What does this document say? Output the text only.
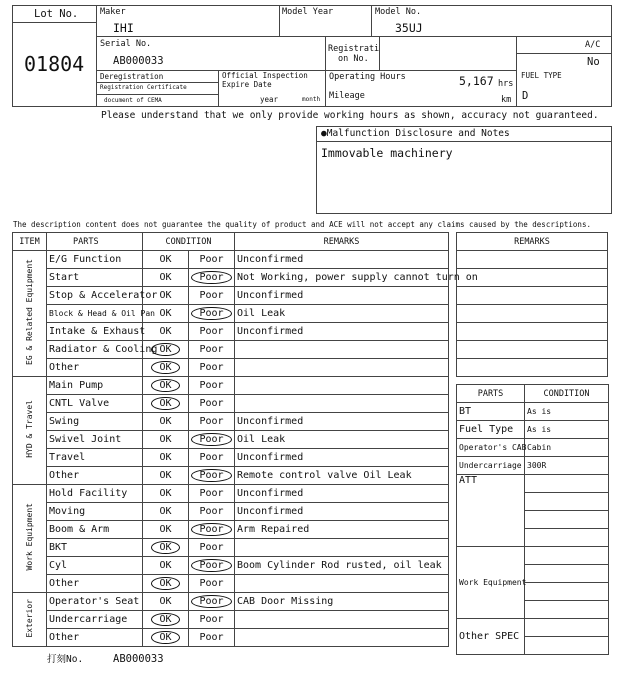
Lot No.
01804
Maker
IHI
Model Year	Model No.
35UJ
Serial No.
AB000033
Registrati
on No.
A/C
No
Deregistration
Registration Certificate
document of CEMA
Official Inspection
Expire Date
year	month
Operating Hours	5,167 hrs
Mileage	km
FUEL TYPE
D
Please understand that we only provide working hours as shown, accuracy not guaranteed.
●Malfunction Disclosure and Notes
Immovable machinery
The description content does not guarantee the quality of product and ACE will not accept any claims caused by the descriptions.
ITEM	PARTS	CONDITION		REMARKS
EG & Related Equipment	E/G Function	OK	Poor	Unconfirmed
	Start	OK	Poor	Not Working, power supply cannot turn on
	Stop & Accelerator	OK	Poor	Unconfirmed
	Block & Head & Oil Pan	OK	Poor	Oil Leak
	Intake & Exhaust	OK	Poor	Unconfirmed
	Radiator & Cooling	OK	Poor	
	Other	OK	Poor	
HYD & Travel	Main Pump	OK	Poor	
	CNTL Valve	OK	Poor	
	Swing	OK	Poor	Unconfirmed
	Swivel Joint	OK	Poor	Oil Leak
	Travel	OK	Poor	Unconfirmed
	Other	OK	Poor	Remote control valve Oil Leak
Work Equipment	Hold Facility	OK	Poor	Unconfirmed
	Moving	OK	Poor	Unconfirmed
	Boom & Arm	OK	Poor	Arm Repaired
	BKT	OK	Poor	
	Cyl	OK	Poor	Boom Cylinder Rod rusted, oil leak
	Other	OK	Poor	
Exterior	Operator's Seat	OK	Poor	CAB Door Missing
	Undercarriage	OK	Poor	
	Other	OK	Poor	
REMARKS

PARTS	CONDITION
BT	As is
Fuel Type	As is
Operator's CAB	Cabin
Undercarriage	300R
ATT	

Work Equipment	

Other SPEC	

打刻No.	AB000033
